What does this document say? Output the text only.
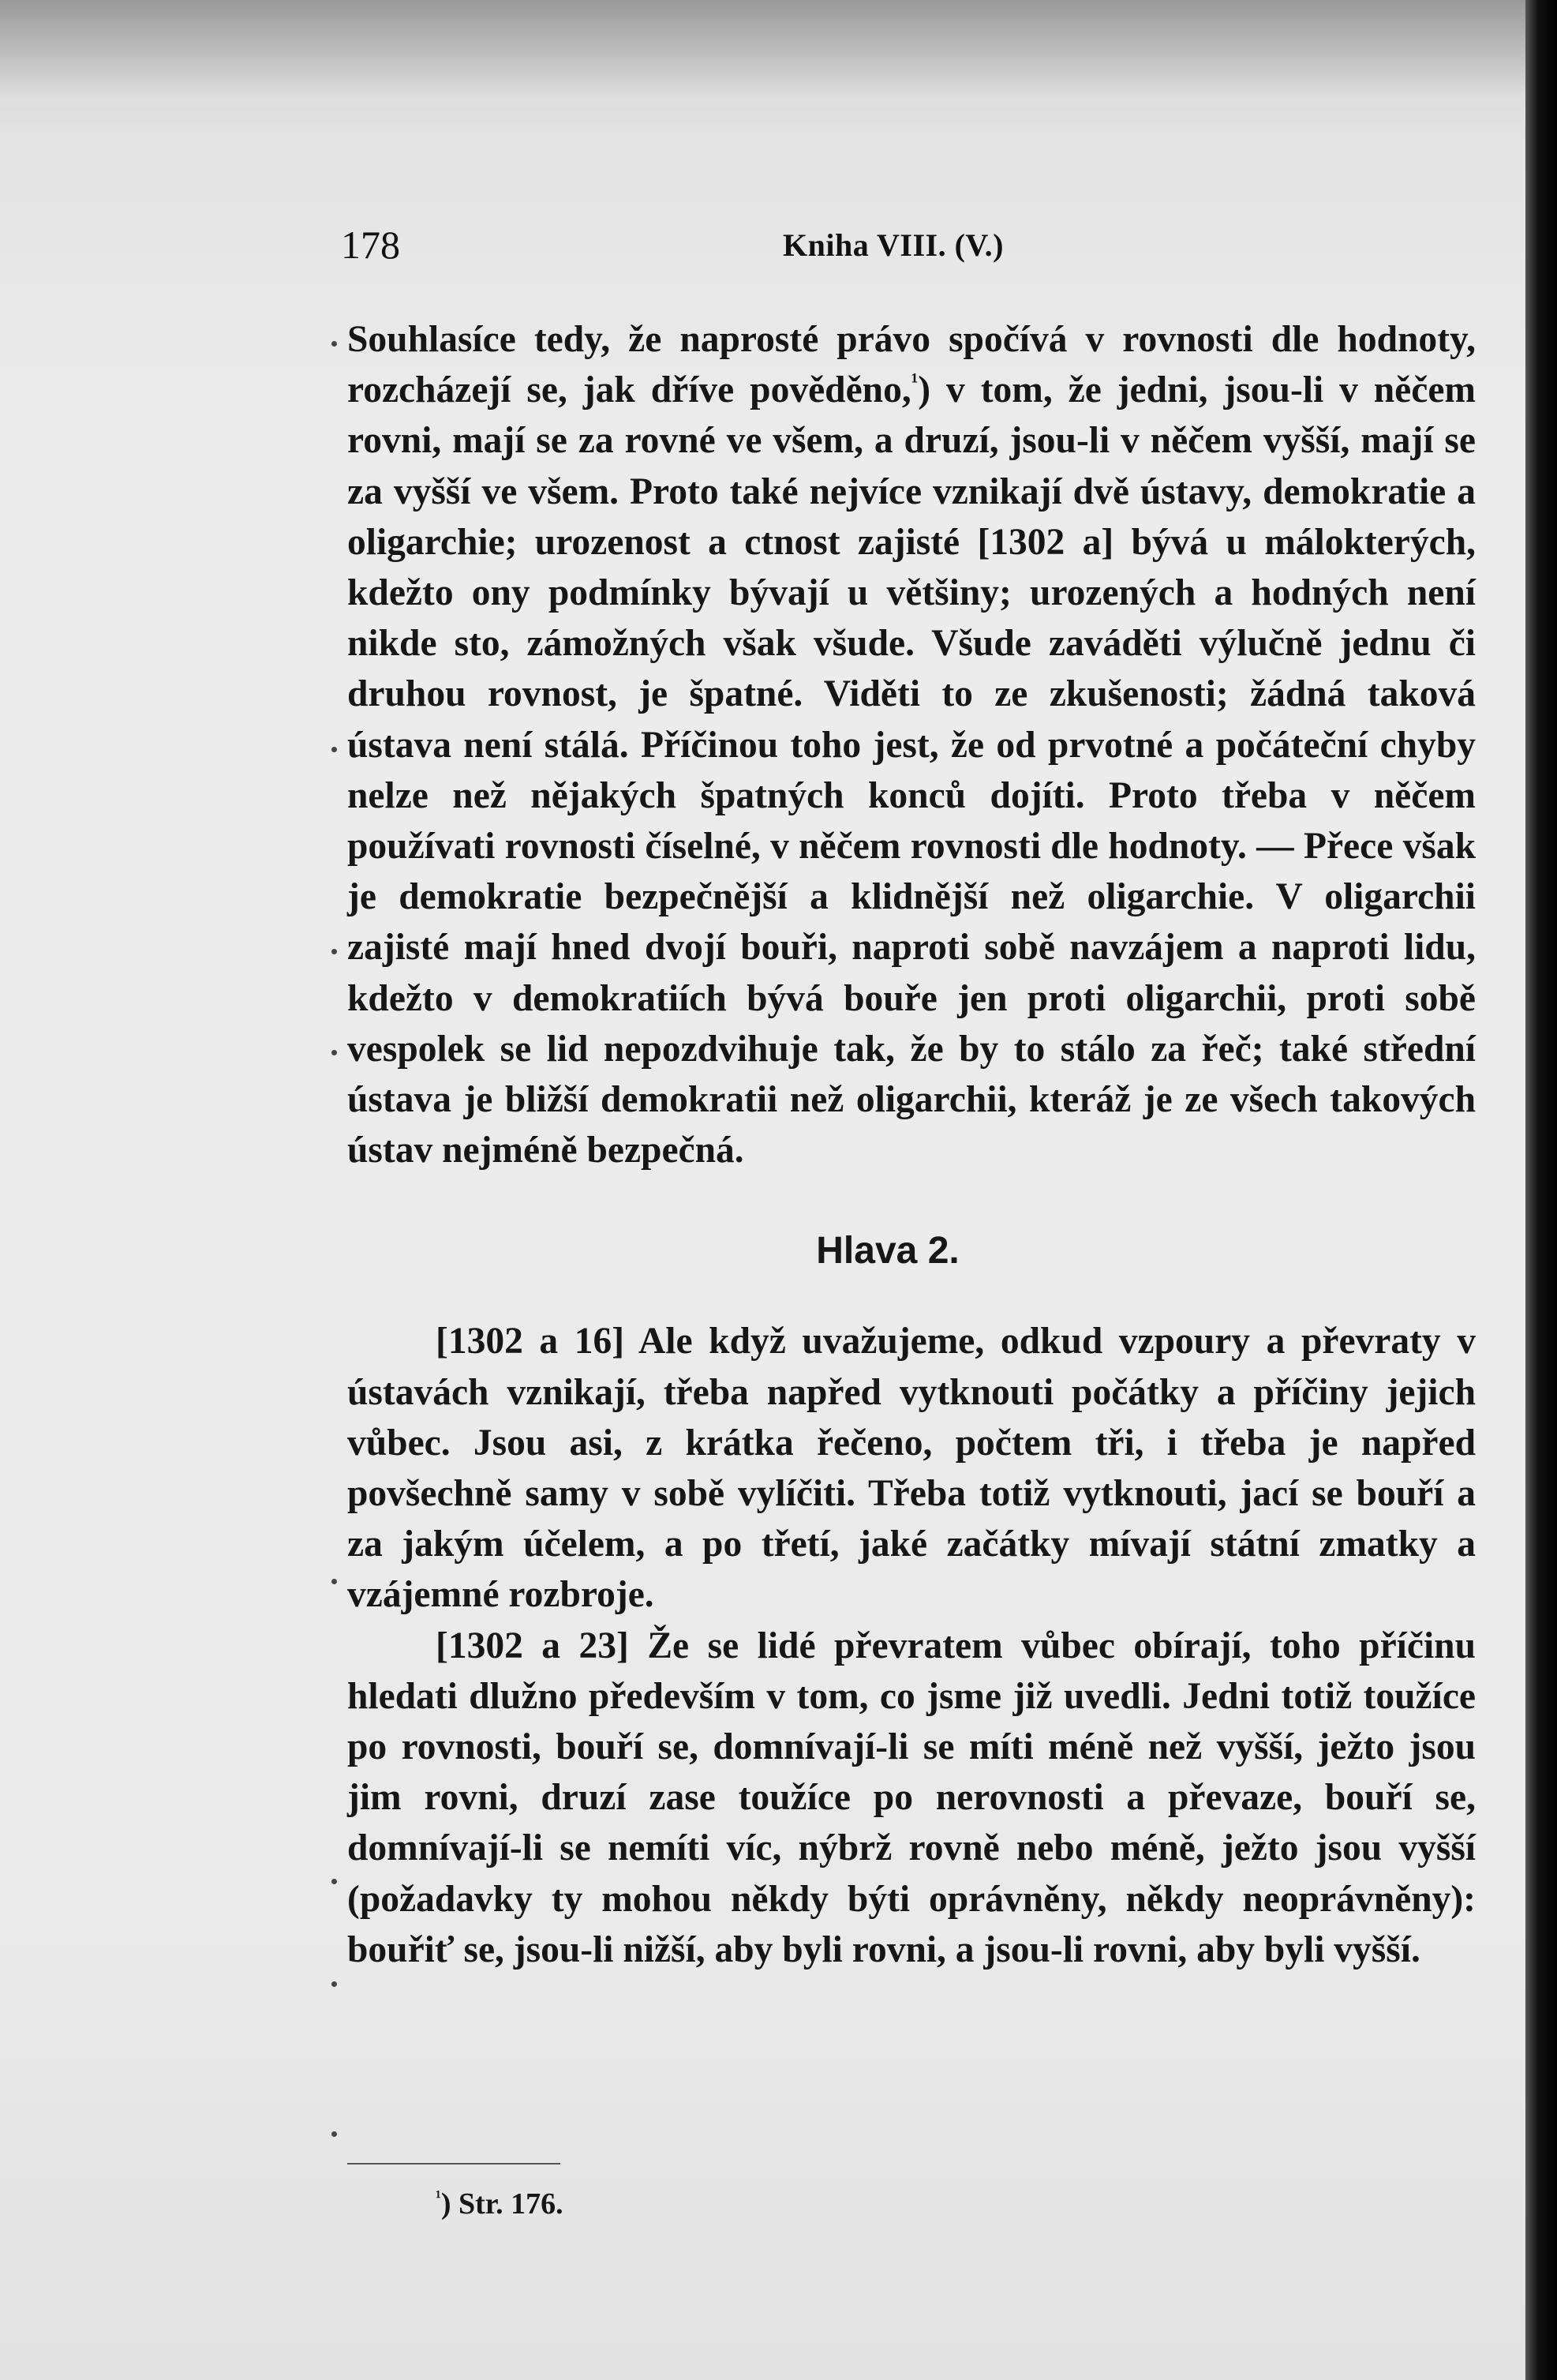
178	Kniha VIII. (V.)

Souhlasíce tedy, že naprosté právo spočívá v rovnosti dle hodnoty, rozcházejí se, jak dříve pověděno,$^{^1}$) v tom, že jedni, jsou-li v něčem rovni, mají se za rovné ve všem, a druzí, jsou-li v něčem vyšší, mají se za vyšší ve všem. Proto také nejvíce vznikají dvě ústavy, demokratie a oligarchie; urozenost a ctnost zajisté [1302 a] bývá u málokterých, kdežto ony podmínky bývají u většiny; urozených a hodných není nikde sto, zámožných však všude. Všude zaváděti výlučně jednu či druhou rovnost, je špatné. Viděti to ze zkušenosti; žádná taková ústava není stálá. Příčinou toho jest, že od prvotné a počáteční chyby nelze než nějakých špatných konců dojíti. Proto třeba v něčem používati rovnosti číselné, v něčem rovnosti dle hodnoty. — Přece však je demokratie bezpečnější a klidnější než oligarchie. V oligarchii zajisté mají hned dvojí bouři, naproti sobě navzájem a naproti lidu, kdežto v demokratiích bývá bouře jen proti oligarchii, proti sobě vespolek se lid nepozdvihuje tak, že by to stálo za řeč; také střední ústava je bližší demokratii než oligarchii, kteráž je ze všech takových ústav nejméně bezpečná.

Hlava 2.

[1302 a 16] Ale když uvažujeme, odkud vzpoury a převraty v ústavách vznikají, třeba napřed vytknouti počátky a příčiny jejich vůbec. Jsou asi, z krátka řečeno, počtem tři, i třeba je napřed povšechně samy v sobě vylíčiti. Třeba totiž vytknouti, jací se bouří a za jakým účelem, a po třetí, jaké začátky mívají státní zmatky a vzájemné rozbroje.

[1302 a 23] Že se lidé převratem vůbec obírají, toho příčinu hledati dlužno především v tom, co jsme již uvedli. Jedni totiž toužíce po rovnosti, bouří se, domnívají-li se míti méně než vyšší, ježto jsou jim rovni, druzí zase toužíce po nerovnosti a převaze, bouří se, domnívají-li se nemíti víc, nýbrž rovně nebo méně, ježto jsou vyšší (požadavky ty mohou někdy býti oprávněny, někdy neoprávněny): bouřiť se, jsou-li nižší, aby byli rovni, a jsou-li rovni, aby byli vyšší.

$^{^1}$) Str. 176.
